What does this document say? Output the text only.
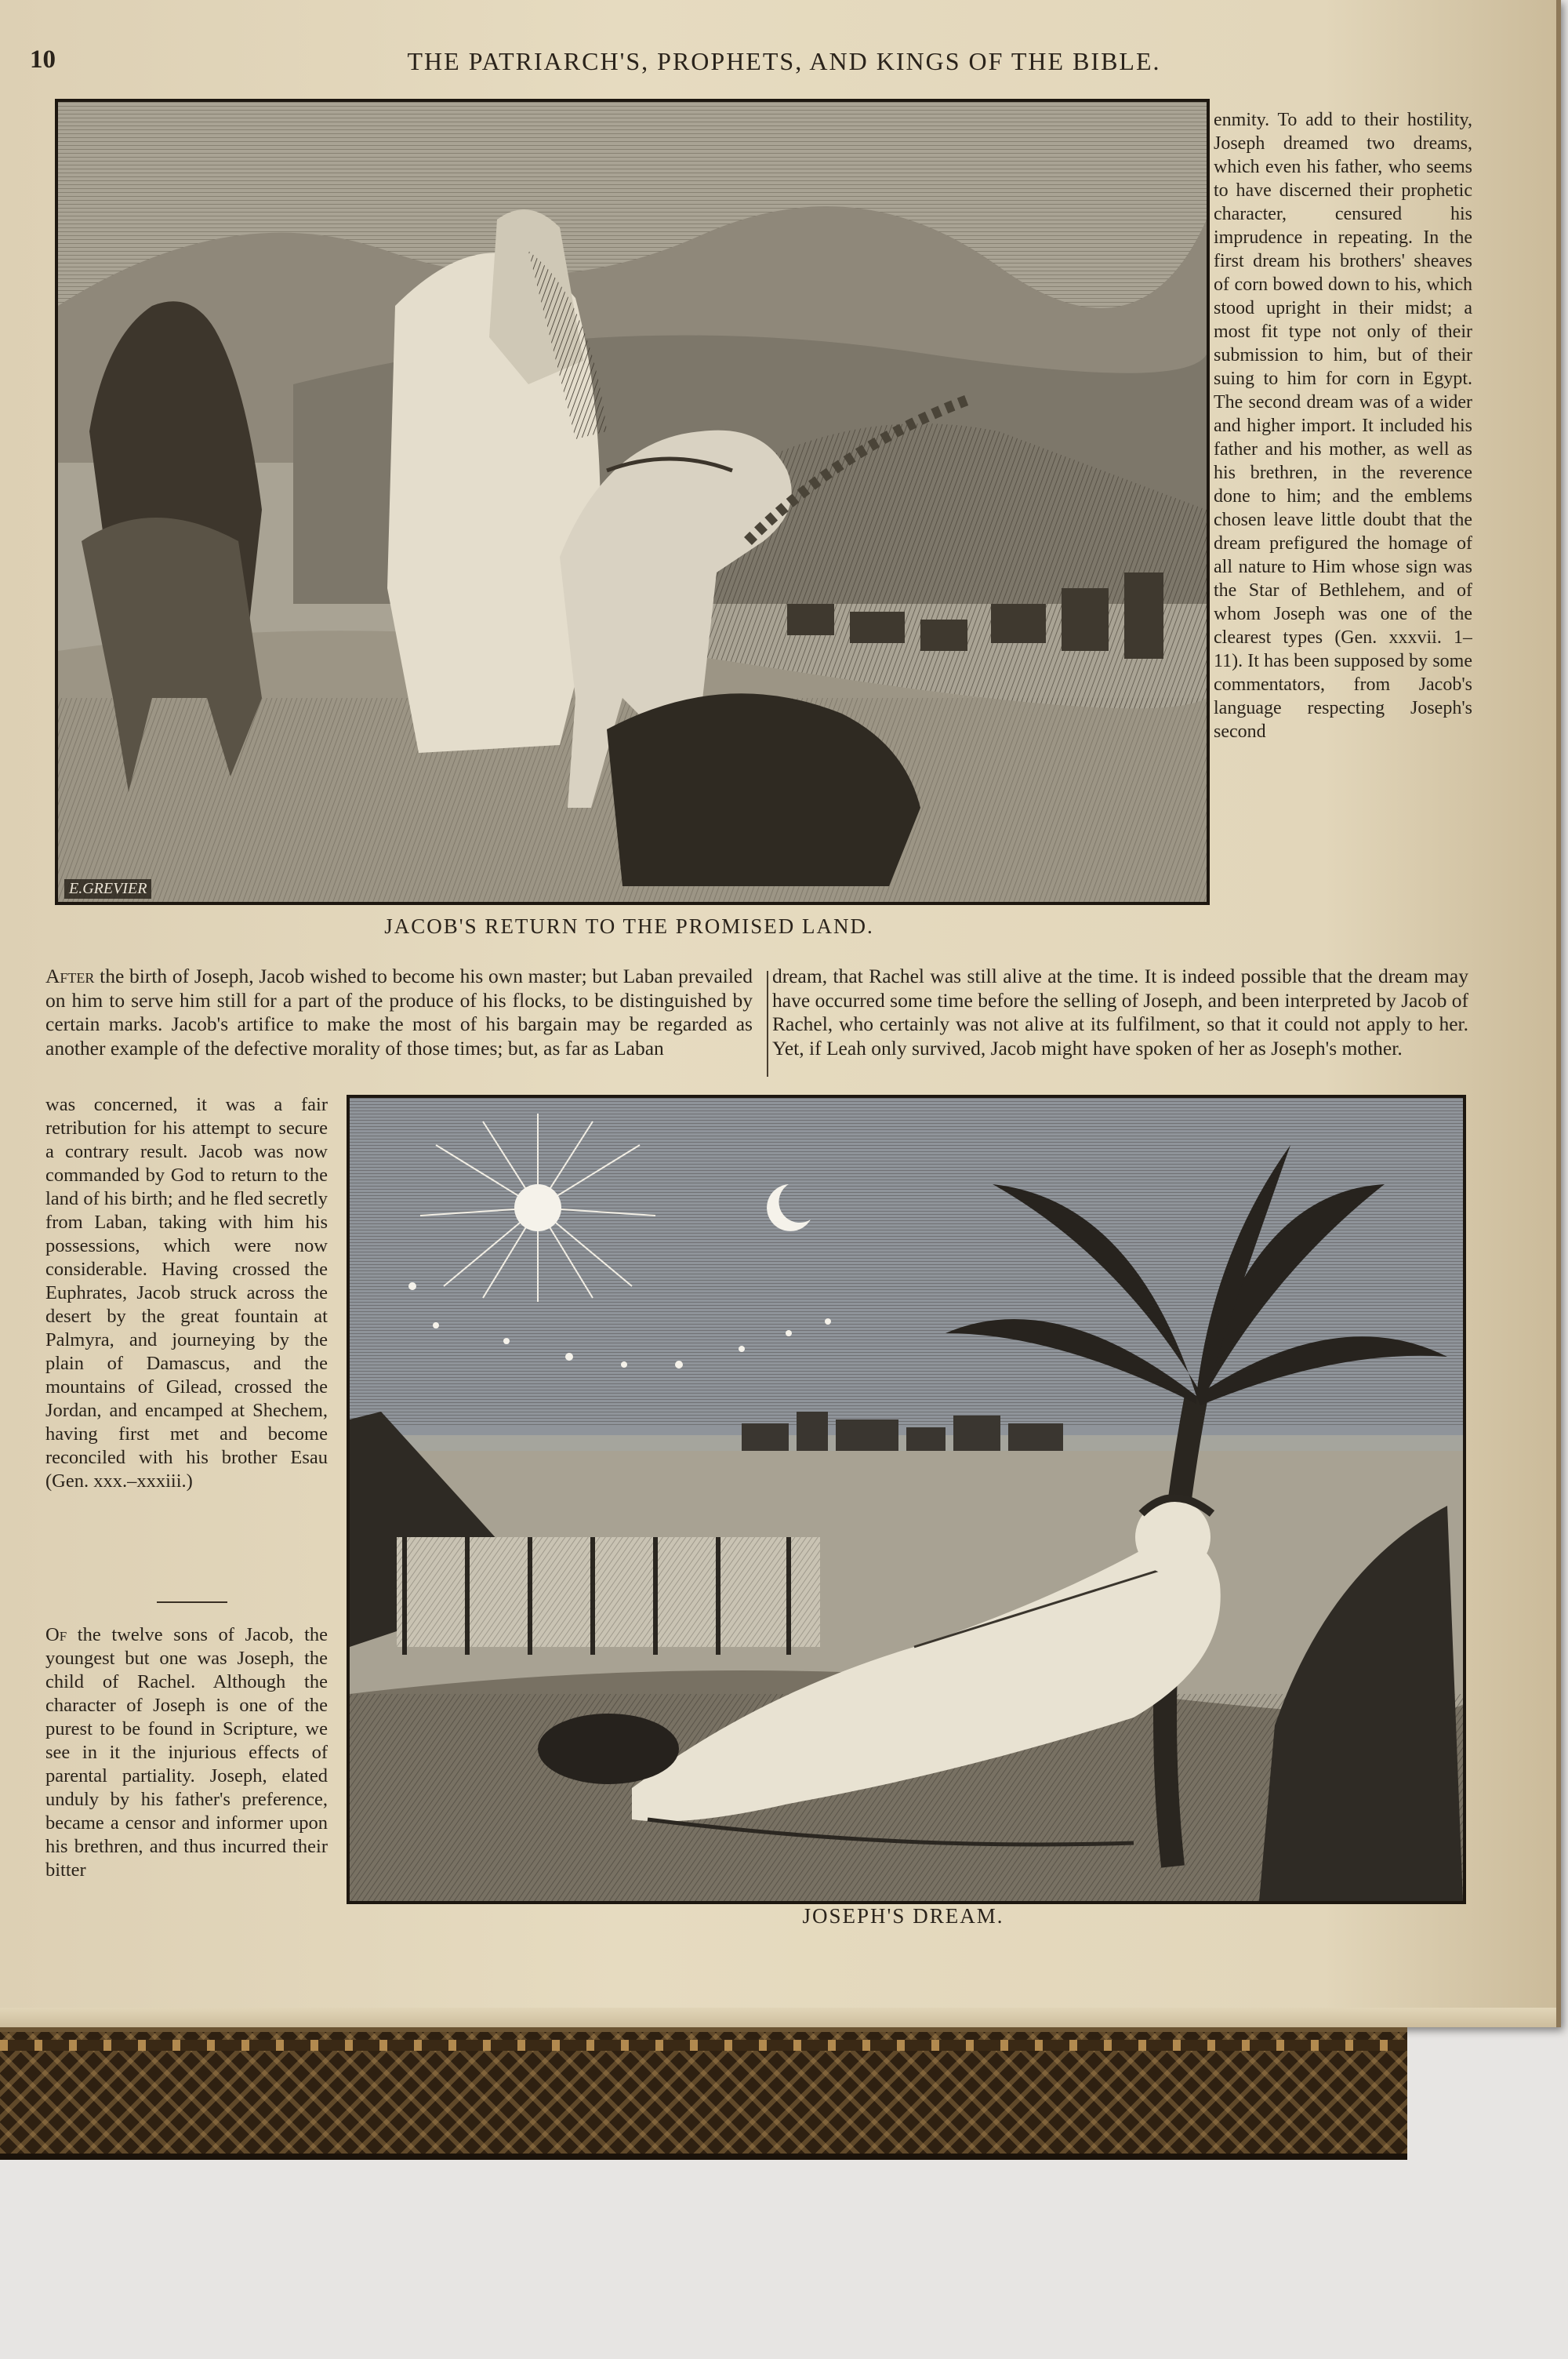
10	THE PATRIARCH'S, PROPHETS, AND KINGS OF THE BIBLE.
E.GREVIER
JACOB'S RETURN TO THE PROMISED LAND.

enmity. To add to their hostility, Joseph dreamed two dreams, which even his father, who seems to have discerned their prophetic character, censured his imprudence in repeating. In the first dream his brothers' sheaves of corn bowed down to his, which stood upright in their midst; a most fit type not only of their submission to him, but of their suing to him for corn in Egypt. The second dream was of a wider and higher import. It included his father and his mother, as well as his brethren, in the reverence done to him; and the emblems chosen leave little doubt that the dream prefigured the homage of all nature to Him whose sign was the Star of Bethlehem, and of whom Joseph was one of the clearest types (Gen. xxxvii. 1–11). It has been supposed by some commentators, from Jacob's language respecting Joseph's second

After the birth of Joseph, Jacob wished to become his own master; but Laban prevailed on him to serve him still for a part of the produce of his flocks, to be distinguished by certain marks. Jacob's artifice to make the most of his bargain may be regarded as another example of the defective morality of those times; but, as far as Laban

dream, that Rachel was still alive at the time. It is indeed possible that the dream may have occurred some time before the selling of Joseph, and been interpreted by Jacob of Rachel, who certainly was not alive at its fulfilment, so that it could not apply to her. Yet, if Leah only survived, Jacob might have spoken of her as Joseph's mother.

JOSEPH'S DREAM.

was concerned, it was a fair retribution for his attempt to secure a contrary result. Jacob was now commanded by God to return to the land of his birth; and he fled secretly from Laban, taking with him his possessions, which were now considerable. Having crossed the Euphrates, Jacob struck across the desert by the great fountain at Palmyra, and journeying by the plain of Damascus, and the mountains of Gilead, crossed the Jordan, and encamped at Shechem, having first met and become reconciled with his brother Esau (Gen. xxx.–xxxiii.)

Of the twelve sons of Jacob, the youngest but one was Joseph, the child of Rachel. Although the character of Joseph is one of the purest to be found in Scripture, we see in it the injurious effects of parental partiality. Joseph, elated unduly by his father's preference, became a censor and informer upon his brethren, and thus incurred their bitter
